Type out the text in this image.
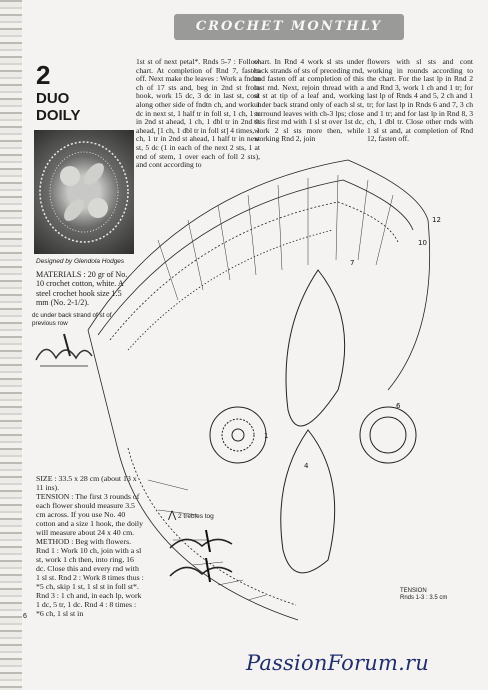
CROCHET MONTHLY
2
DUO DOILY
Designed by Glendola Hodges
MATERIALS : 20 gr of No. 10 crochet cotton, white. A steel crochet hook size 1.5 mm (No. 2-1/2).
dc under back strand of st of previous row
1st st of next petal*. Rnds 5-7 : Follow chart. At completion of Rnd 7, fasten off. Next make the leaves : Work a fndtn ch of 17 sts and, beg in 2nd st from hook, work 15 dc, 3 dc in last st, cont along other side of fndtn ch, and work 1 dc in next st, 1 half tr in foll st, 1 ch, 1 tr in 2nd st ahead, 1 ch, 1 dbl tr in 2nd st ahead, [1 ch, 1 dbl tr in foll st] 4 times, 1 ch, 1 tr in 2nd st ahead, 1 half tr in next st, 5 dc (1 in each of the next 2 sts, 1 at end of stem, 1 over each of foll 2 sts), and cont according to
chart. In Rnd 4 work sl sts under back strands of sts of preceding rnd, and fasten off at completion of this last rnd. Next, rejoin thread with a sl st at tip of a leaf and, working under back strand only of each sl st, surround leaves with ch-3 lps; close this first rnd with 1 sl st over 1st dc, work 2 sl sts more then, while working Rnd 2, join
flowers with sl sts and cont working in rounds according to the chart. For the last lp in Rnd 2 and Rnd 3, work 1 ch and 1 tr; for last lp of Rnds 4 and 5, 2 ch and 1 tr; for last lp in Rnds 6 and 7, 3 ch and 1 tr; and for last lp in Rnd 8, 3 ch, 1 dbl tr. Close other rnds with 1 sl st and, at completion of Rnd 12, fasten off.
SIZE : 33.5 x 28 cm (about 13 x 11 ins).
TENSION : The first 3 rounds of each flower should measure 3.5 cm across. If you use No. 40 cotton and a size 1 hook, the doily will measure about 24 x 40 cm.
METHOD : Beg with flowers. Rnd 1 : Work 10 ch, join with a sl st, work 1 ch then, into ring, 16 dc. Close this and every rnd with 1 sl st. Rnd 2 : Work 8 times thus : *5 ch, skip 1 st, 1 sl st in foll st*. Rnd 3 : 1 ch and, in each lp, work 1 dc, 5 tr, 1 dc. Rnd 4 : 8 times : *6 ch, 1 sl st in
12
10
7
6
4
1
⋀ 2 trebles tog
TENSION
Rnds 1-3 : 3.5 cm
6
PassionForum.ru
